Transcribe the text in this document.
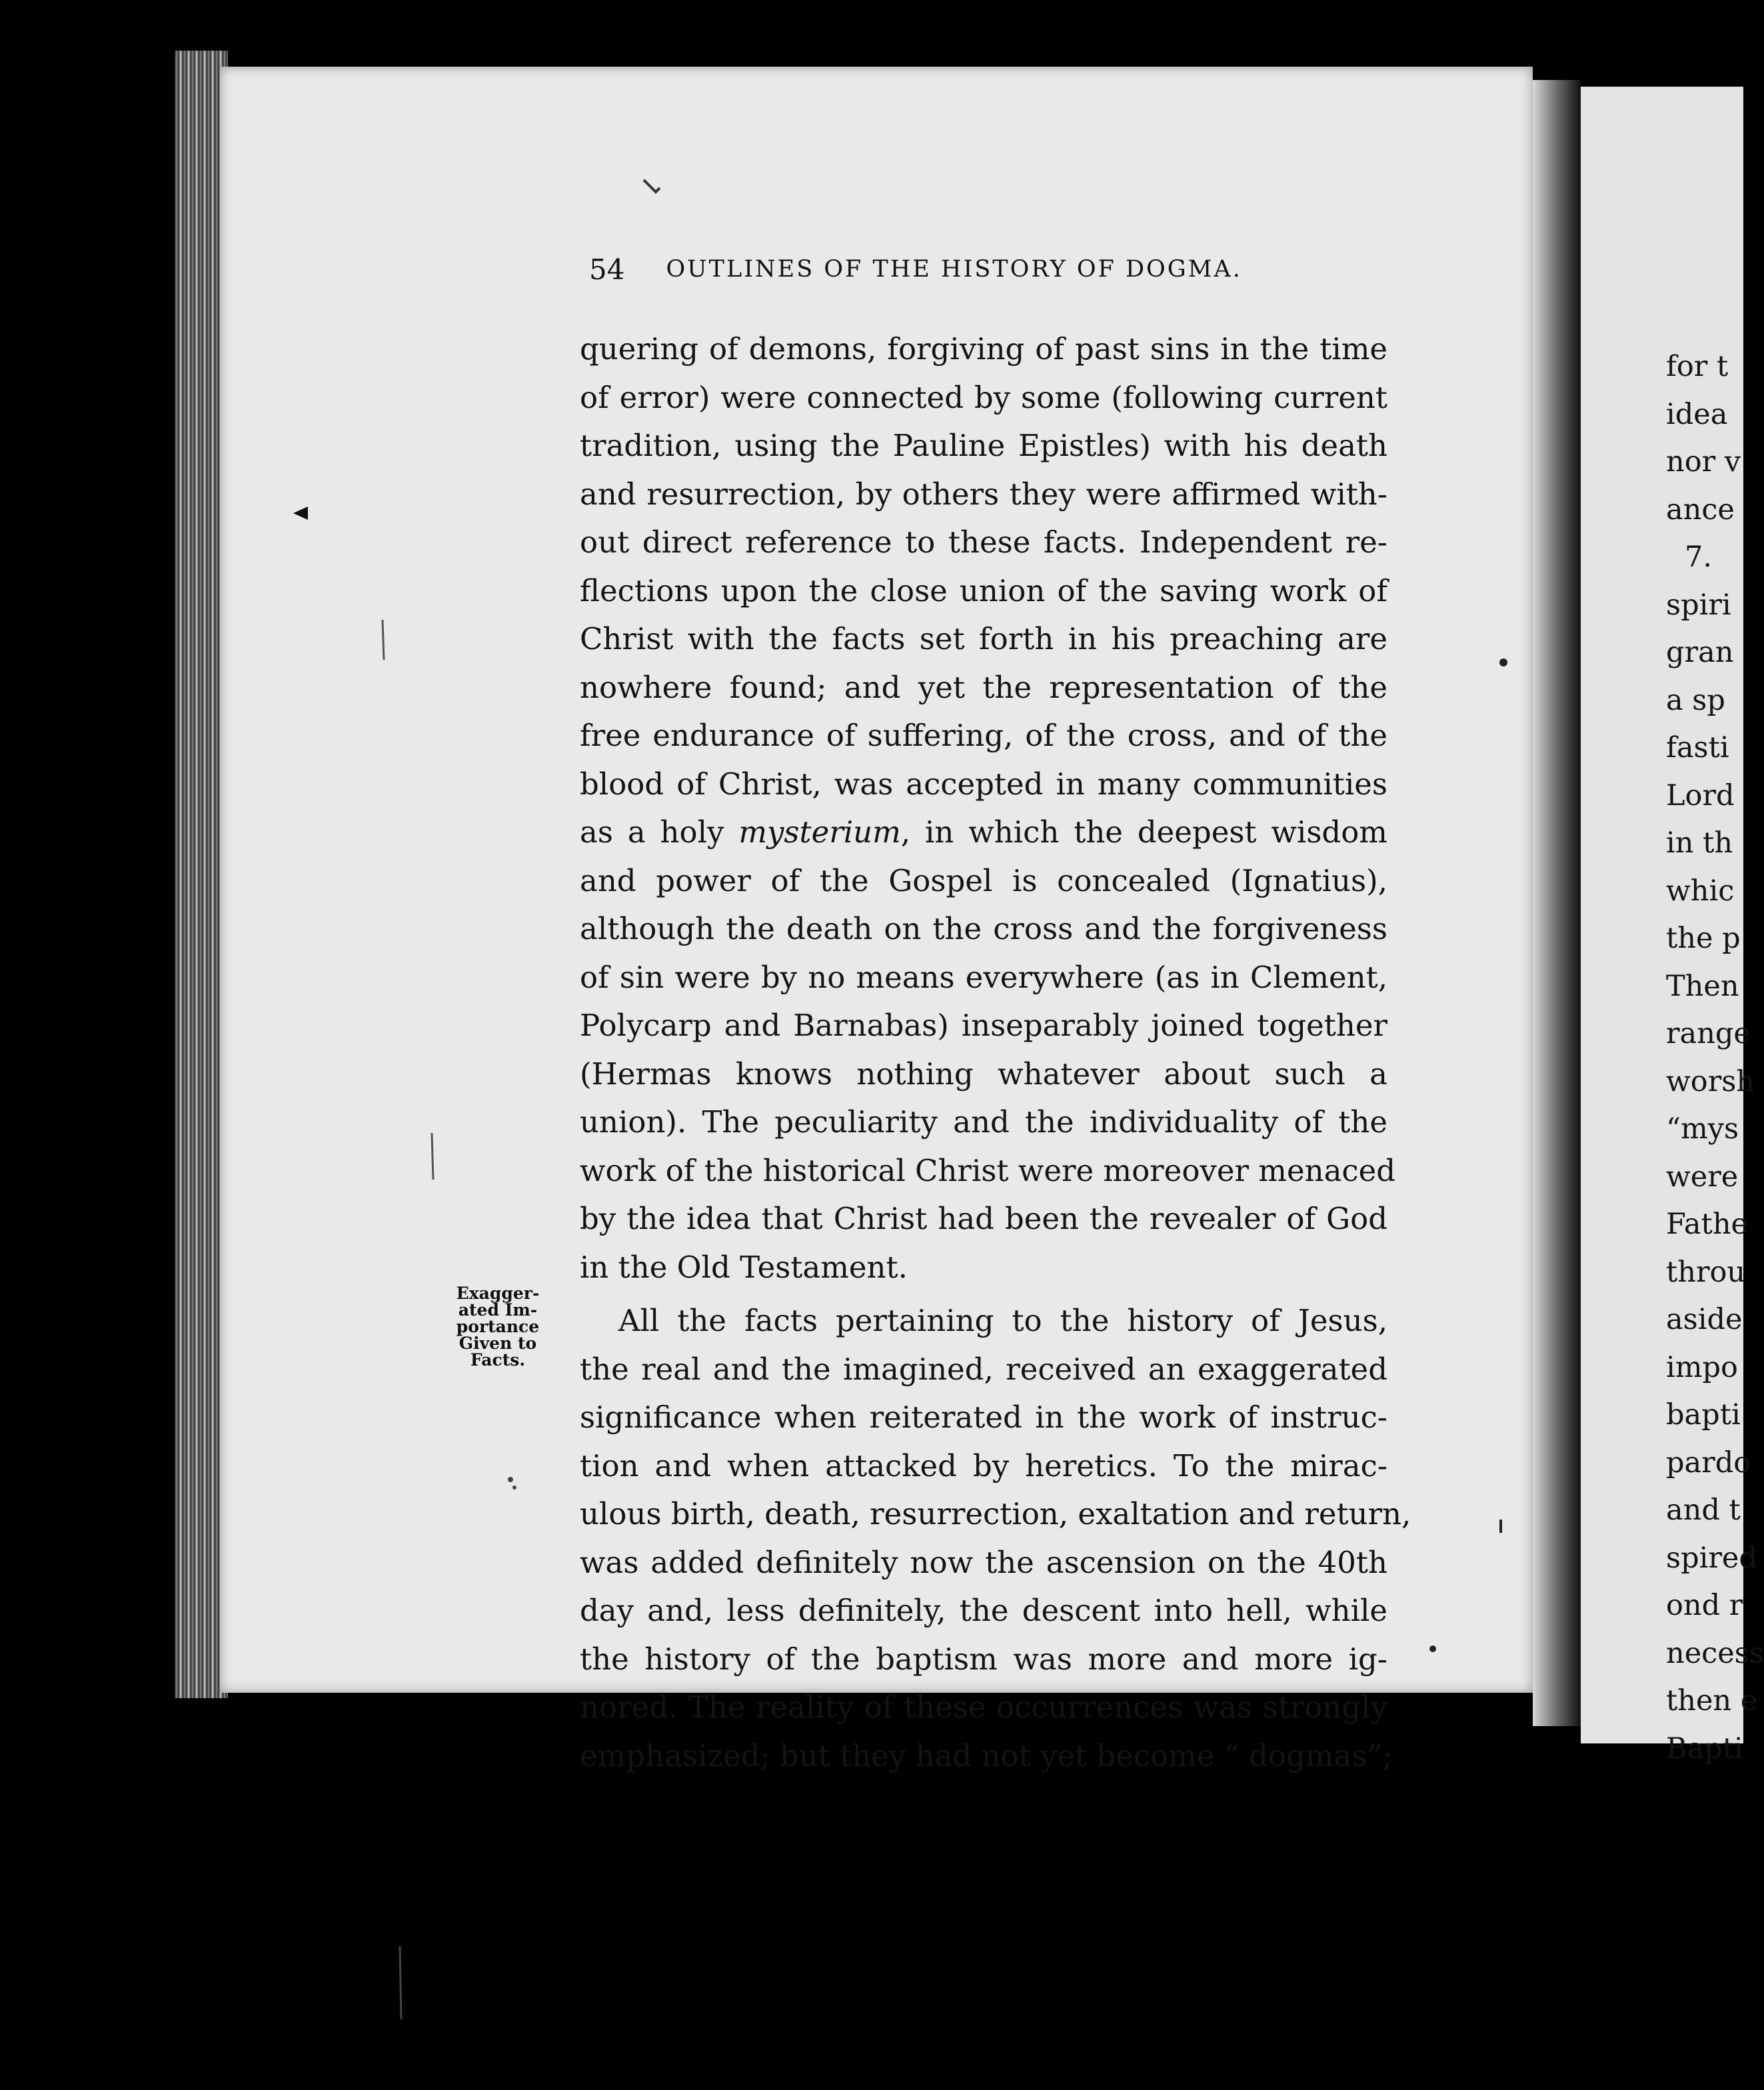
54 OUTLINES OF THE HISTORY OF DOGMA.
quering of demons, forgiving of past sins in the time
of error) were connected by some (following current
tradition, using the Pauline Epistles) with his death
and resurrection, by others they were affirmed with-
out direct reference to these facts. Independent re-
flections upon the close union of the saving work of
Christ with the facts set forth in his preaching are
nowhere found; and yet the representation of the
free endurance of suffering, of the cross, and of the
blood of Christ, was accepted in many communities
as a holy mysterium, in which the deepest wisdom
and power of the Gospel is concealed (Ignatius),
although the death on the cross and the forgiveness
of sin were by no means everywhere (as in Clement,
Polycarp and Barnabas) inseparably joined together
(Hermas knows nothing whatever about such a
union). The peculiarity and the individuality of the
work of the historical Christ were moreover menaced
by the idea that Christ had been the revealer of God
in the Old Testament.
All the facts pertaining to the history of Jesus,
the real and the imagined, received an exaggerated
significance when reiterated in the work of instruc-
tion and when attacked by heretics. To the mirac-
ulous birth, death, resurrection, exaltation and return,
was added definitely now the ascension on the 40th
day and, less definitely, the descent into hell, while
the history of the baptism was more and more ig-
nored. The reality of these occurrences was strongly
emphasized; but they had not yet become “ dogmas”;
Exagger-
ated Im-
portance
Given to
Facts.
for t
idea
nor v
ance
7.
spiri
gran
a sp
fasti
Lord
in th
whic
the p
Then
range
worsh
“mys
were
Fathe
throu
aside
impo
bapti
pardo
and t
spired
ond r
necess
then e
Bapti
